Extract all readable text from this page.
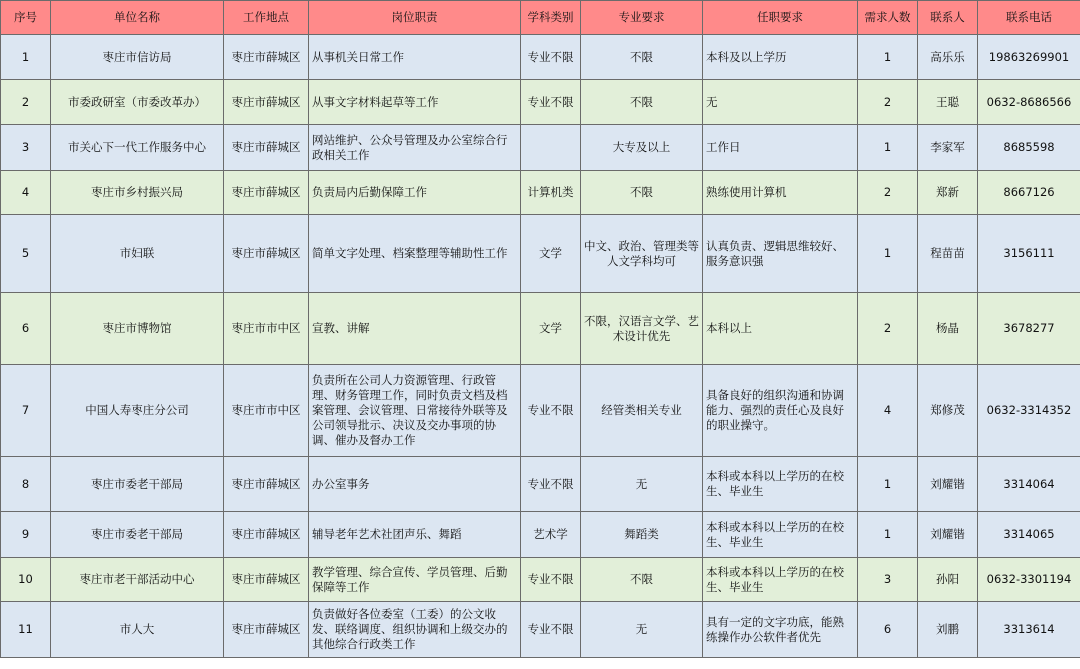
序号	单位名称	工作地点	岗位职责	学科类别	专业要求	任职要求	需求人数	联系人	联系电话
1	枣庄市信访局	枣庄市薛城区	从事机关日常工作	专业不限	不限	本科及以上学历	1	高乐乐	19863269901
2	市委政研室（市委改革办）	枣庄市薛城区	从事文字材料起草等工作	专业不限	不限	无	2	王聪	0632-8686566
3	市关心下一代工作服务中心	枣庄市薛城区	网站维护、公众号管理及办公室综合行政相关工作		大专及以上	工作日	1	李家军	8685598
4	枣庄市乡村振兴局	枣庄市薛城区	负责局内后勤保障工作	计算机类	不限	熟练使用计算机	2	郑新	8667126
5	市妇联	枣庄市薛城区	简单文字处理、档案整理等辅助性工作	文学	中文、政治、管理类等人文学科均可	认真负责、逻辑思维较好、服务意识强	1	程苗苗	3156111
6	枣庄市博物馆	枣庄市市中区	宣教、讲解	文学	不限，汉语言文学、艺术设计优先	本科以上	2	杨晶	3678277
7	中国人寿枣庄分公司	枣庄市市中区	负责所在公司人力资源管理、行政管理、财务管理工作，同时负责文档及档案管理、会议管理、日常接待外联等及公司领导批示、决议及交办事项的协调、催办及督办工作	专业不限	经管类相关专业	具备良好的组织沟通和协调能力、强烈的责任心及良好的职业操守。	4	郑修茂	0632-3314352
8	枣庄市委老干部局	枣庄市薛城区	办公室事务	专业不限	无	本科或本科以上学历的在校生、毕业生	1	刘耀锴	3314064
9	枣庄市委老干部局	枣庄市薛城区	辅导老年艺术社团声乐、舞蹈	艺术学	舞蹈类	本科或本科以上学历的在校生、毕业生	1	刘耀锴	3314065
10	枣庄市老干部活动中心	枣庄市薛城区	教学管理、综合宣传、学员管理、后勤保障等工作	专业不限	不限	本科或本科以上学历的在校生、毕业生	3	孙阳	0632-3301194
11	市人大	枣庄市薛城区	负责做好各位委室（工委）的公文收发、联络调度、组织协调和上级交办的其他综合行政类工作	专业不限	无	具有一定的文字功底，能熟练操作办公软件者优先	6	刘鹏	3313614
